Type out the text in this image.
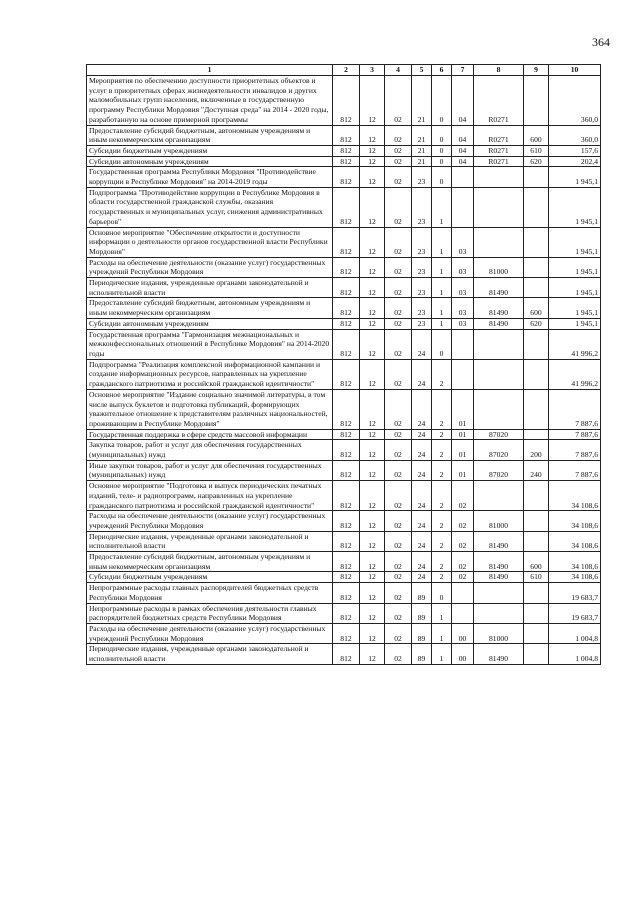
364
1	2	3	4	5	6	7	8	9	10
Мероприятия по обеспечению доступности приоритетных объектов и услуг в приоритетных сферах жизнедеятельности инвалидов и других маломобильных групп населения, включенные в государственную программу Республики Мордовия "Доступная среда" на 2014 - 2020 годы, разработанную на основе примерной программы	812	12	02	21	0	04	R0271		360,0
Предоставление субсидий бюджетным, автономным учреждениям и иным некоммерческим организациям	812	12	02	21	0	04	R0271	600	360,0
Субсидии бюджетным учреждениям	812	12	02	21	0	04	R0271	610	157,6
Субсидии автономным учреждениям	812	12	02	21	0	04	R0271	620	202,4
Государственная программа Республики Мордовия "Противодействие коррупции в Республике Мордовия" на 2014-2019 годы	812	12	02	23	0				1 945,1
Подпрограмма "Противодействие коррупции в Республике Мордовия в области государственной гражданской службы, оказания государственных и муниципальных услуг, снижения административных барьеров"	812	12	02	23	1				1 945,1
Основное мероприятие "Обеспечение открытости и доступности информации о деятельности органов государственной власти Республики Мордовия"	812	12	02	23	1	03			1 945,1
Расходы на обеспечение деятельности (оказание услуг) государственных учреждений Республики Мордовия	812	12	02	23	1	03	81000		1 945,1
Периодические издания, учрежденные органами законодательной и исполнительной власти	812	12	02	23	1	03	81490		1 945,1
Предоставление субсидий бюджетным, автономным учреждениям и иным некоммерческим организациям	812	12	02	23	1	03	81490	600	1 945,1
Субсидии автономным учреждениям	812	12	02	23	1	03	81490	620	1 945,1
Государственная программа "Гармонизация межнациональных и межконфессиональных отношений в Республике Мордовия" на 2014-2020 годы	812	12	02	24	0				41 996,2
Подпрограмма "Реализация комплексной информационной кампании и создание информационных ресурсов, направленных на укрепление гражданского патриотизма и российской гражданской идентичности"	812	12	02	24	2				41 996,2
Основное мероприятие "Издание социально значимой литературы, в том числе выпуск буклетов и подготовка публикаций, формирующих уважительное отношение к представителям различных национальностей, проживающим в Республике Мордовия"	812	12	02	24	2	01			7 887,6
Государственная поддержка в сфере средств массовой информации	812	12	02	24	2	01	87020		7 887,6
Закупка товаров, работ и услуг для обеспечения государственных (муниципальных) нужд	812	12	02	24	2	01	87020	200	7 887,6
Иные закупки товаров, работ и услуг для обеспечения государственных (муниципальных) нужд	812	12	02	24	2	01	87020	240	7 887,6
Основное мероприятие "Подготовка и выпуск периодических печатных изданий, теле- и радиопрограмм, направленных на укрепление гражданского патриотизма и российской гражданской идентичности"	812	12	02	24	2	02			34 108,6
Расходы на обеспечение деятельности (оказание услуг) государственных учреждений Республики Мордовия	812	12	02	24	2	02	81000		34 108,6
Периодические издания, учрежденные органами законодательной и исполнительной власти	812	12	02	24	2	02	81490		34 108,6
Предоставление субсидий бюджетным, автономным учреждениям и иным некоммерческим организациям	812	12	02	24	2	02	81490	600	34 108,6
Субсидии бюджетным учреждениям	812	12	02	24	2	02	81490	610	34 108,6
Непрограммные расходы главных распорядителей бюджетных средств Республики Мордовия	812	12	02	89	0				19 683,7
Непрограммные расходы в рамках обеспечения деятельности главных распорядителей бюджетных средств Республики Мордовия	812	12	02	89	1				19 683,7
Расходы на обеспечение деятельности (оказание услуг) государственных учреждений Республики Мордовия	812	12	02	89	1	00	81000		1 004,8
Периодические издания, учрежденные органами законодательной и исполнительной власти	812	12	02	89	1	00	81490		1 004,8
